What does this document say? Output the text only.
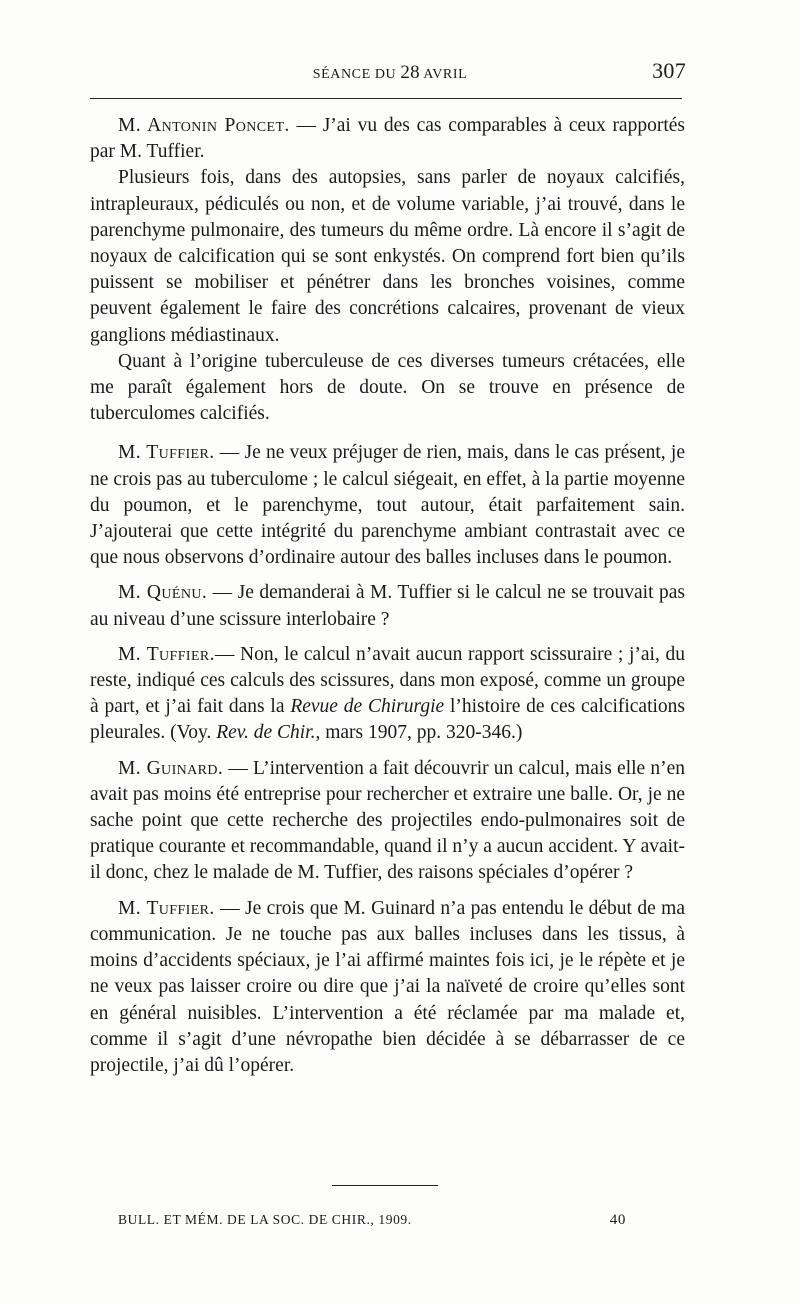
SÉANCE DU 28 AVRIL	307

M. Antonin Poncet. — J’ai vu des cas comparables à ceux rapportés par M. Tuffier.

Plusieurs fois, dans des autopsies, sans parler de noyaux calcifiés, intrapleuraux, pédiculés ou non, et de volume variable, j’ai trouvé, dans le parenchyme pulmonaire, des tumeurs du même ordre. Là encore il s’agit de noyaux de calcification qui se sont enkystés. On comprend fort bien qu’ils puissent se mobiliser et pénétrer dans les bronches voisines, comme peuvent également le faire des concrétions calcaires, provenant de vieux ganglions médiastinaux.

Quant à l’origine tuberculeuse de ces diverses tumeurs crétacées, elle me paraît également hors de doute. On se trouve en présence de tuberculomes calcifiés.

M. Tuffier. — Je ne veux préjuger de rien, mais, dans le cas présent, je ne crois pas au tuberculome ; le calcul siégeait, en effet, à la partie moyenne du poumon, et le parenchyme, tout autour, était parfaitement sain. J’ajouterai que cette intégrité du parenchyme ambiant contrastait avec ce que nous observons d’ordinaire autour des balles incluses dans le poumon.

M. Quénu. — Je demanderai à M. Tuffier si le calcul ne se trouvait pas au niveau d’une scissure interlobaire ?

M. Tuffier.— Non, le calcul n’avait aucun rapport scissuraire ; j’ai, du reste, indiqué ces calculs des scissures, dans mon exposé, comme un groupe à part, et j’ai fait dans la Revue de Chirurgie l’histoire de ces calcifications pleurales. (Voy. Rev. de Chir., mars 1907, pp. 320-346.)

M. Guinard. — L’intervention a fait découvrir un calcul, mais elle n’en avait pas moins été entreprise pour rechercher et extraire une balle. Or, je ne sache point que cette recherche des projectiles endo-pulmonaires soit de pratique courante et recommandable, quand il n’y a aucun accident. Y avait-il donc, chez le malade de M. Tuffier, des raisons spéciales d’opérer ?

M. Tuffier. — Je crois que M. Guinard n’a pas entendu le début de ma communication. Je ne touche pas aux balles incluses dans les tissus, à moins d’accidents spéciaux, je l’ai affirmé maintes fois ici, je le répète et je ne veux pas laisser croire ou dire que j’ai la naïveté de croire qu’elles sont en général nuisibles. L’intervention a été réclamée par ma malade et, comme il s’agit d’une névropathe bien décidée à se débarrasser de ce projectile, j’ai dû l’opérer.

BULL. ET MÉM. DE LA SOC. DE CHIR., 1909.	40
